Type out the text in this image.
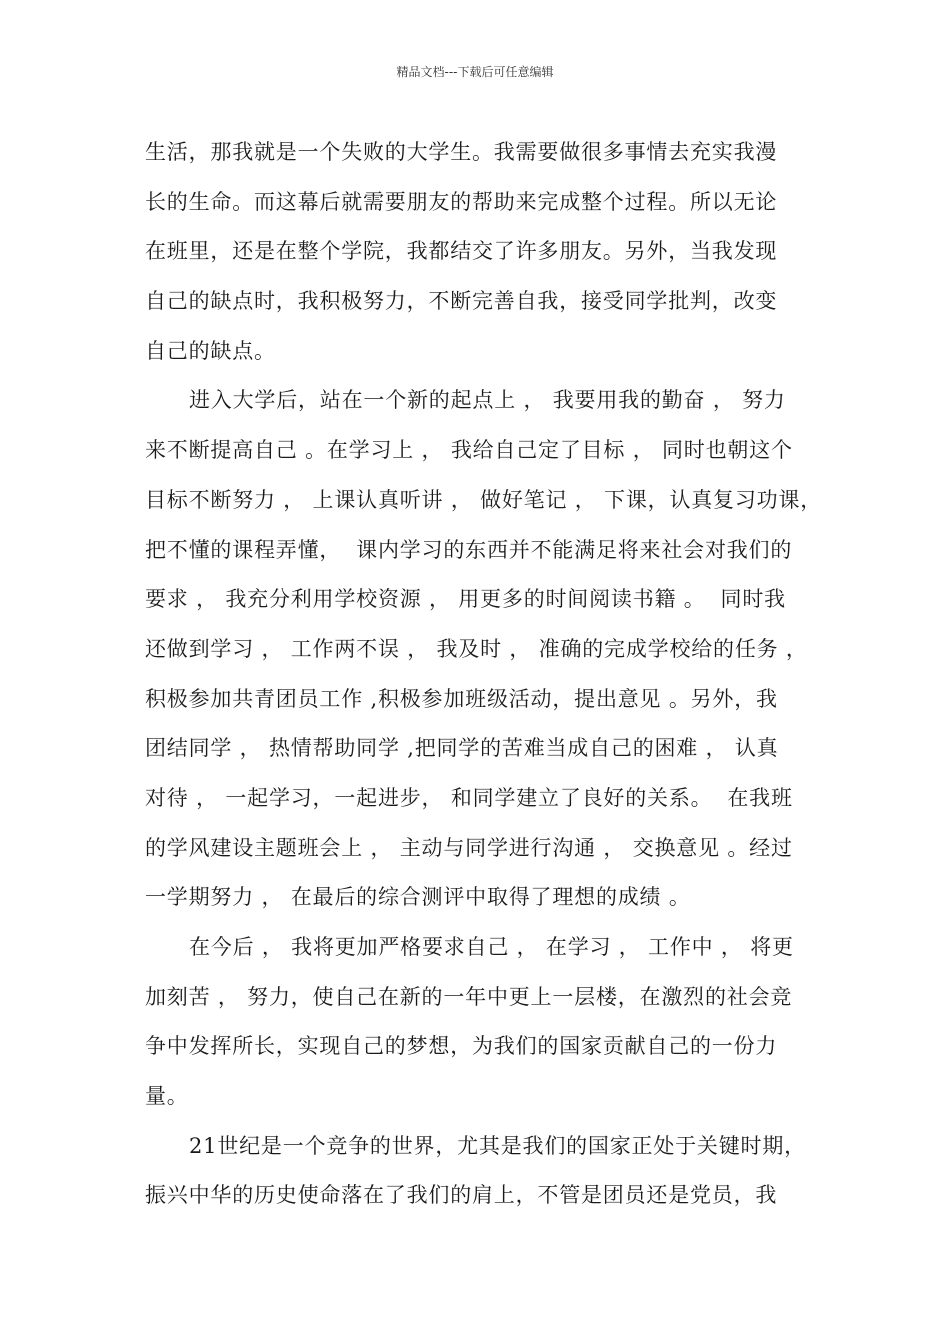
精品文档---下载后可任意编辑
生活，那我就是一个失败的大学生。我需要做很多事情去充实我漫
长的生命。而这幕后就需要朋友的帮助来完成整个过程。所以无论
在班里，还是在整个学院，我都结交了许多朋友。另外，当我发现
自己的缺点时，我积极努力，不断完善自我，接受同学批判，改变
自己的缺点。
进入大学后，站在一个新的起点上 ， 我要用我的勤奋 ， 努力
来不断提高自己 。在学习上 ， 我给自己定了目标 ， 同时也朝这个
目标不断努力 ， 上课认真听讲 ， 做好笔记 ， 下课，认真复习功课，
把不懂的课程弄懂，  课内学习的东西并不能满足将来社会对我们的
要求 ， 我充分利用学校资源 ， 用更多的时间阅读书籍 。  同时我
还做到学习 ， 工作两不误 ， 我及时 ， 准确的完成学校给的任务 ，
积极参加共青团员工作 ,积极参加班级活动，提出意见 。另外，我
团结同学 ， 热情帮助同学 ,把同学的苦难当成自己的困难 ， 认真
对待 ， 一起学习，一起进步， 和同学建立了良好的关系。  在我班
的学风建设主题班会上 ， 主动与同学进行沟通 ， 交换意见 。经过
一学期努力 ， 在最后的综合测评中取得了理想的成绩 。
在今后 ， 我将更加严格要求自己 ， 在学习 ， 工作中 ， 将更
加刻苦 ， 努力，使自己在新的一年中更上一层楼，在激烈的社会竞
争中发挥所长，实现自己的梦想，为我们的国家贡献自己的一份力
量。
21世纪是一个竞争的世界，尤其是我们的国家正处于关键时期，
振兴中华的历史使命落在了我们的肩上，不管是团员还是党员，我
